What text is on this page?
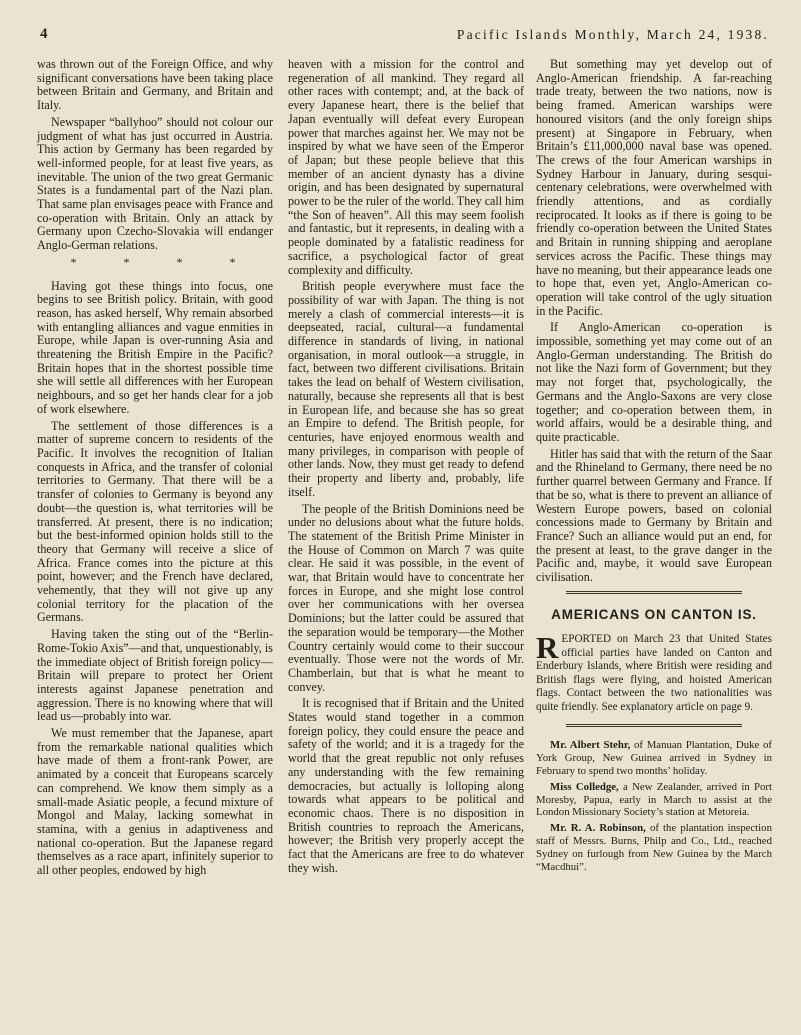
4	Pacific Islands Monthly, March 24, 1938.

was thrown out of the Foreign Office, and why significant conversations have been taking place between Britain and Germany, and Britain and Italy.

Newspaper “ballyhoo” should not colour our judgment of what has just occurred in Austria. This action by Germany has been regarded by well-informed people, for at least five years, as inevitable. The union of the two great Germanic States is a fundamental part of the Nazi plan. That same plan envisages peace with France and co-operation with Britain. Only an attack by Germany upon Czecho-Slovakia will endanger Anglo-German relations.

* * * *

Having got these things into focus, one begins to see British policy. Britain, with good reason, has asked herself, Why remain absorbed with entangling alliances and vague enmities in Europe, while Japan is over-running Asia and threatening the British Empire in the Pacific? Britain hopes that in the shortest possible time she will settle all differences with her European neighbours, and so get her hands clear for a job of work elsewhere.

The settlement of those differences is a matter of supreme concern to residents of the Pacific. It involves the recognition of Italian conquests in Africa, and the transfer of colonial territories to Germany. That there will be a transfer of colonies to Germany is beyond any doubt—the question is, what territories will be transferred. At present, there is no indication; but the best-informed opinion holds still to the theory that Germany will receive a slice of Africa. France comes into the picture at this point, however; and the French have declared, vehemently, that they will not give up any colonial territory for the placation of the Germans.

Having taken the sting out of the “Berlin-Rome-Tokio Axis”—and that, unquestionably, is the immediate object of British foreign policy—Britain will prepare to protect her Orient interests against Japanese penetration and aggression. There is no knowing where that will lead us—probably into war.

We must remember that the Japanese, apart from the remarkable national qualities which have made of them a front-rank Power, are animated by a conceit that Europeans scarcely can comprehend. We know them simply as a small-made Asiatic people, a fecund mixture of Mongol and Malay, lacking somewhat in stamina, with a genius in adaptiveness and national co-operation. But the Japanese regard themselves as a race apart, infinitely superior to all other peoples, endowed by high

heaven with a mission for the control and regeneration of all mankind. They regard all other races with contempt; and, at the back of every Japanese heart, there is the belief that Japan eventually will defeat every European power that marches against her. We may not be inspired by what we have seen of the Emperor of Japan; but these people believe that this member of an ancient dynasty has a divine origin, and has been designated by supernatural power to be the ruler of the world. They call him “the Son of heaven”. All this may seem foolish and fantastic, but it represents, in dealing with a people dominated by a fatalistic readiness for sacrifice, a psychological factor of great complexity and difficulty.

British people everywhere must face the possibility of war with Japan. The thing is not merely a clash of commercial interests—it is deepseated, racial, cultural—a fundamental difference in standards of living, in national organisation, in moral outlook—a struggle, in fact, between two different civilisations. Britain takes the lead on behalf of Western civilisation, naturally, because she represents all that is best in European life, and because she has so great an Empire to defend. The British people, for centuries, have enjoyed enormous wealth and many privileges, in comparison with people of other lands. Now, they must get ready to defend their property and liberty and, probably, life itself.

The people of the British Dominions need be under no delusions about what the future holds. The statement of the British Prime Minister in the House of Common on March 7 was quite clear. He said it was possible, in the event of war, that Britain would have to concentrate her forces in Europe, and she might lose control over her communications with her oversea Dominions; but the latter could be assured that the separation would be temporary—the Mother Country certainly would come to their succour eventually. Those were not the words of Mr. Chamberlain, but that is what he meant to convey.

It is recognised that if Britain and the United States would stand together in a common foreign policy, they could ensure the peace and safety of the world; and it is a tragedy for the world that the great republic not only refuses any understanding with the few remaining democracies, but actually is lolloping along towards what appears to be political and economic chaos. There is no disposition in British countries to reproach the Americans, however; the British very properly accept the fact that the Americans are free to do whatever they wish.

But something may yet develop out of Anglo-American friendship. A far-reaching trade treaty, between the two nations, now is being framed. American warships were honoured visitors (and the only foreign ships present) at Singapore in February, when Britain’s £11,000,000 naval base was opened. The crews of the four American warships in Sydney Harbour in January, during sesqui-centenary celebrations, were overwhelmed with friendly attentions, and as cordially reciprocated. It looks as if there is going to be friendly co-operation between the United States and Britain in running shipping and aeroplane services across the Pacific. These things may have no meaning, but their appearance leads one to hope that, even yet, Anglo-American co-operation will take control of the ugly situation in the Pacific.

If Anglo-American co-operation is impossible, something yet may come out of an Anglo-German understanding. The British do not like the Nazi form of Government; but they may not forget that, psychologically, the Germans and the Anglo-Saxons are very close together; and co-operation between them, in world affairs, would be a desirable thing, and quite practicable.

Hitler has said that with the return of the Saar and the Rhineland to Germany, there need be no further quarrel between Germany and France. If that be so, what is there to prevent an alliance of Western Europe powers, based on colonial concessions made to Germany by Britain and France? Such an alliance would put an end, for the present at least, to the grave danger in the Pacific and, maybe, it would save European civilisation.

AMERICANS ON CANTON IS.

REPORTED on March 23 that United States official parties have landed on Canton and Enderbury Islands, where British were residing and British flags were flying, and hoisted American flags. Contact between the two nationalities was quite friendly. See explanatory article on page 9.

Mr. Albert Stehr, of Manuan Plantation, Duke of York Group, New Guinea arrived in Sydney in February to spend two months’ holiday.

Miss Colledge, a New Zealander, arrived in Port Moresby, Papua, early in March to assist at the London Missionary Society’s station at Metoreia.

Mr. R. A. Robinson, of the plantation inspection staff of Messrs. Burns, Philp and Co., Ltd., reached Sydney on furlough from New Guinea by the March “Macdhui”.
